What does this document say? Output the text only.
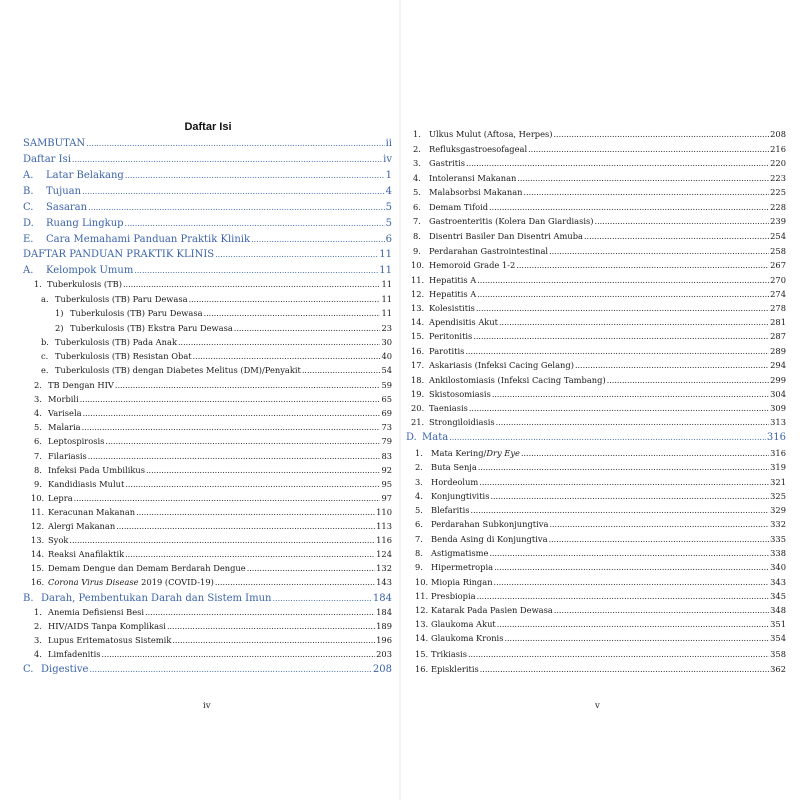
Daftar Isi
SAMBUTAN .....	ii
Daftar Isi .....	iv
A.	Latar Belakang .....	1
B.	Tujuan .....	4
C.	Sasaran .....	5
D.	Ruang Lingkup .....	5
E.	Cara Memahami Panduan Praktik Klinik .....	6
DAFTAR PANDUAN PRAKTIK KLINIS .....	11
A.	Kelompok Umum .....	11
1. Tuberkulosis (TB) .....	11
a. Tuberkulosis (TB) Paru Dewasa .....	11
1) Tuberkulosis (TB) Paru Dewasa .....	11
2) Tuberkulosis (TB) Ekstra Paru Dewasa .....	23
b. Tuberkulosis (TB) Pada Anak .....	30
c. Tuberkulosis (TB) Resistan Obat .....	40
e. Tuberkulosis (TB) dengan Diabetes Melitus (DM)/Penyakit .....	54
2. TB Dengan HIV .....	59
3. Morbili .....	65
4. Varisela .....	69
5. Malaria .....	73
6. Leptospirosis .....	79
7. Filariasis .....	83
8. Infeksi Pada Umbilikus .....	92
9. Kandidiasis Mulut .....	95
10. Lepra .....	97
11. Keracunan Makanan .....	110
12. Alergi Makanan .....	113
13. Syok .....	116
14. Reaksi Anafilaktik .....	124
15. Demam Dengue dan Demam Berdarah Dengue .....	132
16. Corona Virus Disease 2019 (COVID-19) .....	143
B. Darah, Pembentukan Darah dan Sistem Imun .....	184
1. Anemia Defisiensi Besi .....	184
2. HIV/AIDS Tanpa Komplikasi .....	189
3. Lupus Eritematosus Sistemik .....	196
4. Limfadenitis .....	203
C. Digestive .....	208
iv
1. Ulkus Mulut (Aftosa, Herpes) .....	208
2. Refluksgastroesofageal .....	216
3. Gastritis .....	220
4. Intoleransi Makanan .....	223
5. Malabsorbsi Makanan .....	225
6. Demam Tifoid .....	228
7. Gastroenteritis (Kolera Dan Giardiasis) .....	239
8. Disentri Basiler Dan Disentri Amuba .....	254
9. Perdarahan Gastrointestinal .....	258
10. Hemoroid Grade 1-2 .....	267
11. Hepatitis A .....	270
12. Hepatitis A .....	274
13. Kolesistitis .....	278
14. Apendisitis Akut .....	281
15. Peritonitis .....	287
16. Parotitis .....	289
17. Askariasis (Infeksi Cacing Gelang) .....	294
18. Ankilostomiasis (Infeksi Cacing Tambang) .....	299
19. Skistosomiasis .....	304
20. Taeniasis .....	309
21. Strongiloidiasis .....	313
D. Mata .....	316
1. Mata Kering/Dry Eye .....	316
2. Buta Senja .....	319
3. Hordeolum .....	321
4. Konjungtivitis .....	325
5. Blefaritis .....	329
6. Perdarahan Subkonjungtiva .....	332
7. Benda Asing di Konjungtiva .....	335
8. Astigmatisme .....	338
9. Hipermetropia .....	340
10. Miopia Ringan .....	343
11. Presbiopia .....	345
12. Katarak Pada Pasien Dewasa .....	348
13. Glaukoma Akut .....	351
14. Glaukoma Kronis .....	354
15. Trikiasis .....	358
16. Episkleritis .....	362
v
